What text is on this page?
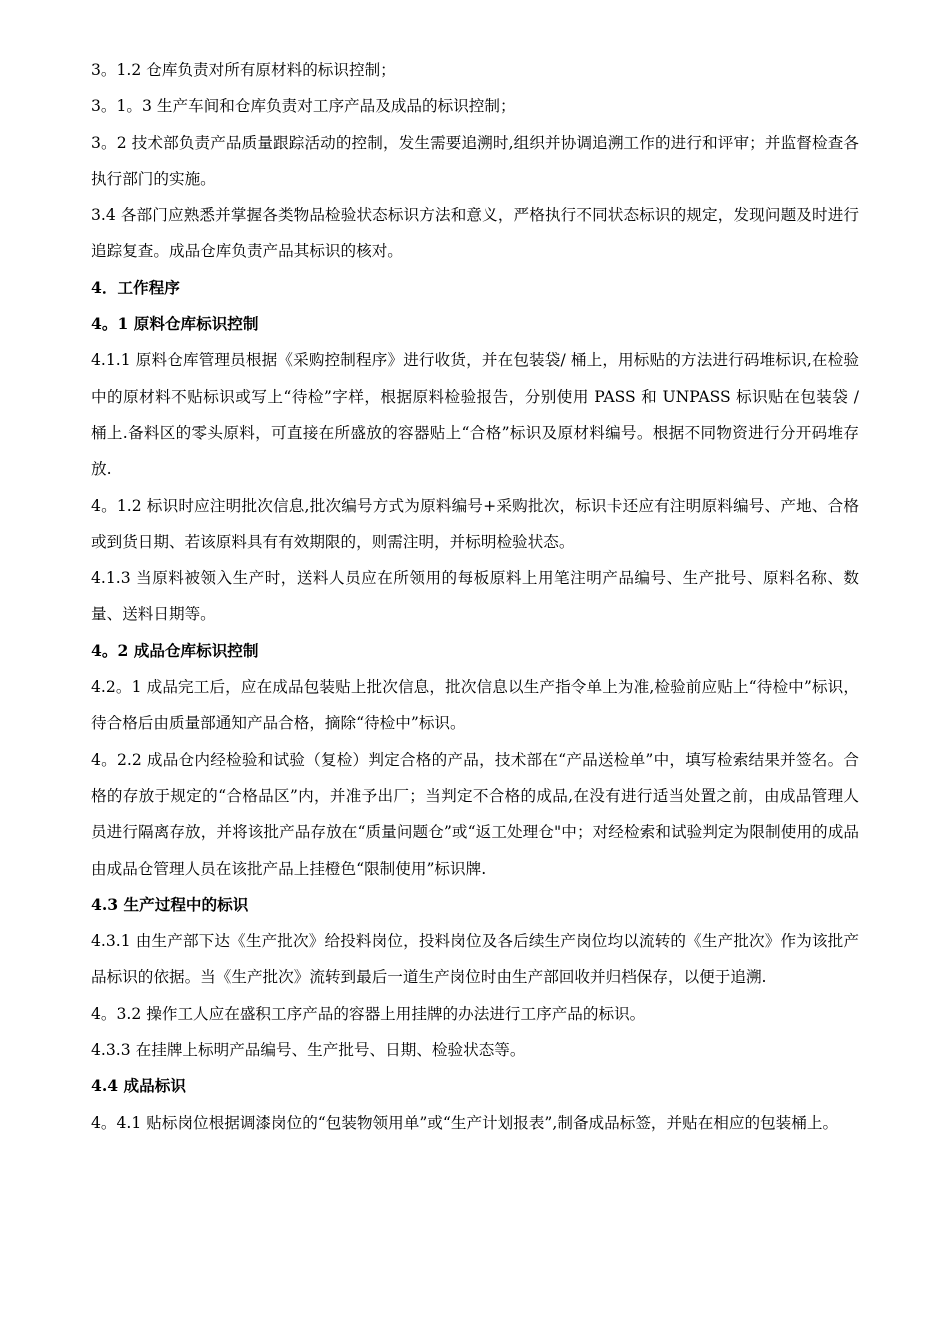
3。1.2 仓库负责对所有原材料的标识控制；

3。1。3 生产车间和仓库负责对工序产品及成品的标识控制；

3。2 技术部负责产品质量跟踪活动的控制，发生需要追溯时,组织并协调追溯工作的进行和评审；并监督检查各执行部门的实施。

3.4 各部门应熟悉并掌握各类物品检验状态标识方法和意义，严格执行不同状态标识的规定，发现问题及时进行追踪复查。成品仓库负责产品其标识的核对。

4．工作程序

4。1 原料仓库标识控制

4.1.1 原料仓库管理员根据《采购控制程序》进行收货，并在包装袋/ 桶上，用标贴的方法进行码堆标识,在检验中的原材料不贴标识或写上“待检”字样，根据原料检验报告，分别使用 PASS 和 UNPASS 标识贴在包装袋 / 桶上.备料区的零头原料，可直接在所盛放的容器贴上“合格”标识及原材料编号。根据不同物资进行分开码堆存放.

4。1.2 标识时应注明批次信息,批次编号方式为原料编号+采购批次，标识卡还应有注明原料编号、产地、合格或到货日期、若该原料具有有效期限的，则需注明，并标明检验状态。

4.1.3 当原料被领入生产时，送料人员应在所领用的每板原料上用笔注明产品编号、生产批号、原料名称、数量、送料日期等。

4。2 成品仓库标识控制

4.2。1 成品完工后，应在成品包装贴上批次信息，批次信息以生产指令单上为准,检验前应贴上“待检中”标识，待合格后由质量部通知产品合格，摘除“待检中”标识。

4。2.2 成品仓内经检验和试验（复检）判定合格的产品，技术部在“产品送检单”中，填写检索结果并签名。合格的存放于规定的“合格品区”内，并准予出厂；当判定不合格的成品,在没有进行适当处置之前，由成品管理人员进行隔离存放，并将该批产品存放在“质量问题仓”或“返工处理仓"中；对经检索和试验判定为限制使用的成品由成品仓管理人员在该批产品上挂橙色“限制使用”标识牌.

4.3 生产过程中的标识

4.3.1 由生产部下达《生产批次》给投料岗位，投料岗位及各后续生产岗位均以流转的《生产批次》作为该批产品标识的依据。当《生产批次》流转到最后一道生产岗位时由生产部回收并归档保存，以便于追溯.

4。3.2 操作工人应在盛积工序产品的容器上用挂牌的办法进行工序产品的标识。

4.3.3 在挂牌上标明产品编号、生产批号、日期、检验状态等。

4.4 成品标识

4。4.1 贴标岗位根据调漆岗位的“包装物领用单”或“生产计划报表”,制备成品标签，并贴在相应的包装桶上。
